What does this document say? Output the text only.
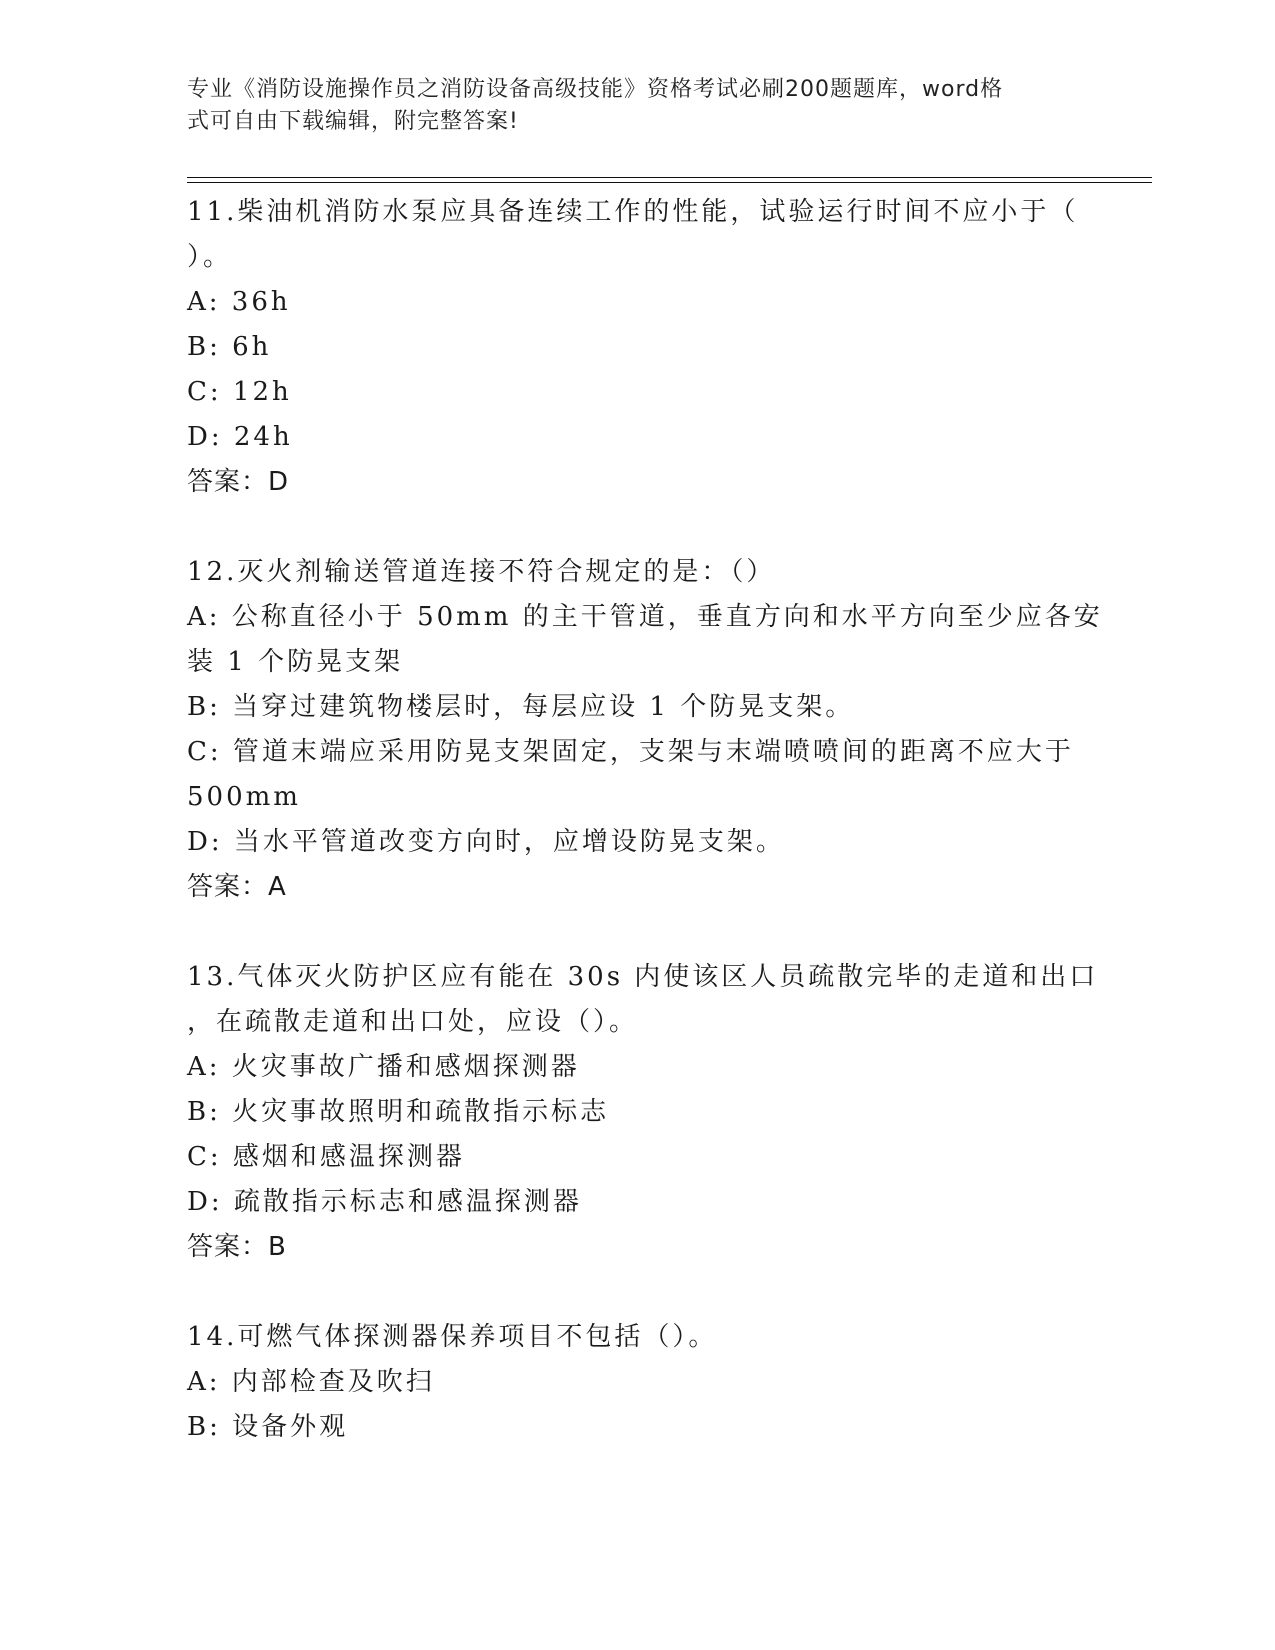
专业《消防设施操作员之消防设备高级技能》资格考试必刷200题题库，word格
式可自由下载编辑，附完整答案!
11.柴油机消防水泵应具备连续工作的性能，试验运行时间不应小于（
）。
A: 36h
B: 6h
C: 12h
D: 24h
答案：D
12.灭火剂输送管道连接不符合规定的是：（）
A: 公称直径小于 50mm 的主干管道，垂直方向和水平方向至少应各安
装 1 个防晃支架
B: 当穿过建筑物楼层时，每层应设 1 个防晃支架。
C: 管道末端应采用防晃支架固定，支架与末端喷喷间的距离不应大于
500mm
D: 当水平管道改变方向时，应增设防晃支架。
答案：A
13.气体灭火防护区应有能在 30s 内使该区人员疏散完毕的走道和出口
，在疏散走道和出口处，应设（）。
A: 火灾事故广播和感烟探测器
B: 火灾事故照明和疏散指示标志
C: 感烟和感温探测器
D: 疏散指示标志和感温探测器
答案：B
14.可燃气体探测器保养项目不包括（）。
A: 内部检查及吹扫
B: 设备外观
